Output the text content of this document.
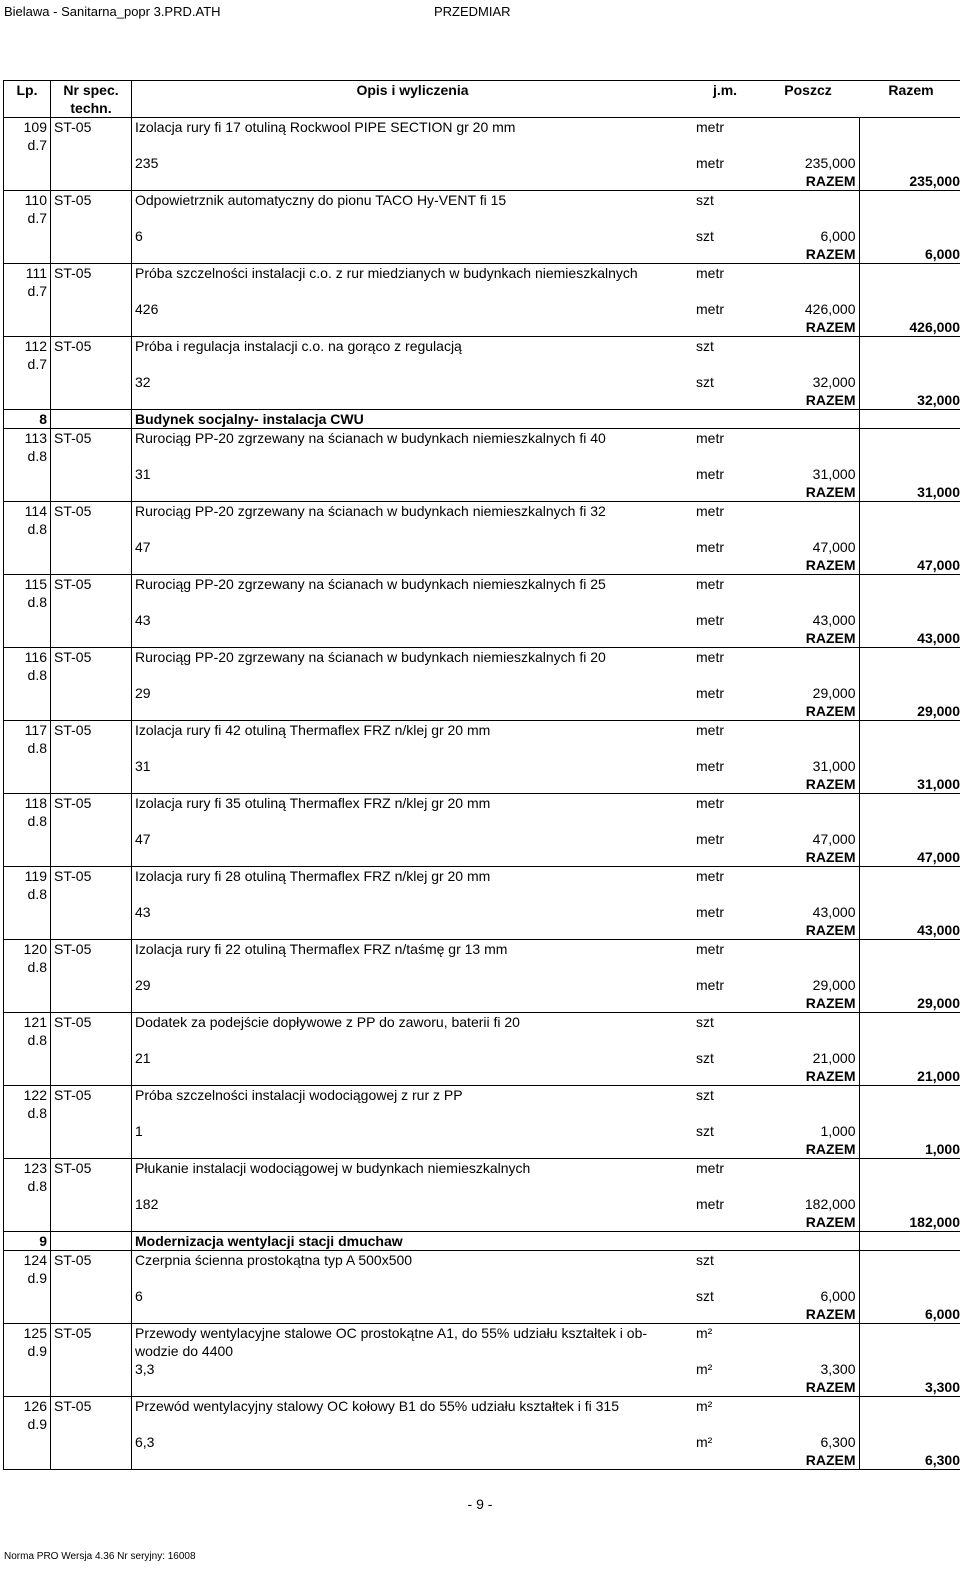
Bielawa - Sanitarna_popr 3.PRD.ATH	PRZEDMIAR
Lp.	Nr spec. techn.	Opis i wyliczenia	j.m.	Poszcz	Razem
109	ST-05	Izolacja rury fi 17 otuliną Rockwool PIPE SECTION gr 20 mm	metr		
d.7					
		235	metr	235,000	
				RAZEM	235,000
110	ST-05	Odpowietrznik automatyczny do pionu TACO Hy-VENT fi 15	szt		
d.7					
		6	szt	6,000	
				RAZEM	6,000
111	ST-05	Próba szczelności instalacji c.o. z rur miedzianych w budynkach niemieszkalnych	metr		
d.7					
		426	metr	426,000	
				RAZEM	426,000
112	ST-05	Próba i regulacja instalacji c.o. na gorąco z regulacją	szt		
d.7					
		32	szt	32,000	
				RAZEM	32,000
8		Budynek socjalny- instalacja CWU			
113	ST-05	Rurociąg PP-20 zgrzewany na ścianach w budynkach niemieszkalnych fi 40	metr		
d.8					
		31	metr	31,000	
				RAZEM	31,000
114	ST-05	Rurociąg PP-20 zgrzewany na ścianach w budynkach niemieszkalnych fi 32	metr		
d.8					
		47	metr	47,000	
				RAZEM	47,000
115	ST-05	Rurociąg PP-20 zgrzewany na ścianach w budynkach niemieszkalnych fi 25	metr		
d.8					
		43	metr	43,000	
				RAZEM	43,000
116	ST-05	Rurociąg PP-20 zgrzewany na ścianach w budynkach niemieszkalnych fi 20	metr		
d.8					
		29	metr	29,000	
				RAZEM	29,000
117	ST-05	Izolacja rury fi 42 otuliną Thermaflex FRZ n/klej gr 20 mm	metr		
d.8					
		31	metr	31,000	
				RAZEM	31,000
118	ST-05	Izolacja rury fi 35 otuliną Thermaflex FRZ n/klej gr 20 mm	metr		
d.8					
		47	metr	47,000	
				RAZEM	47,000
119	ST-05	Izolacja rury fi 28 otuliną Thermaflex FRZ n/klej gr 20 mm	metr		
d.8					
		43	metr	43,000	
				RAZEM	43,000
120	ST-05	Izolacja rury fi 22 otuliną Thermaflex FRZ n/taśmę gr 13 mm	metr		
d.8					
		29	metr	29,000	
				RAZEM	29,000
121	ST-05	Dodatek za podejście dopływowe z PP do zaworu, baterii fi 20	szt		
d.8					
		21	szt	21,000	
				RAZEM	21,000
122	ST-05	Próba szczelności instalacji wodociągowej z rur z PP	szt		
d.8					
		1	szt	1,000	
				RAZEM	1,000
123	ST-05	Płukanie instalacji wodociągowej w budynkach niemieszkalnych	metr		
d.8					
		182	metr	182,000	
				RAZEM	182,000
9		Modernizacja wentylacji stacji dmuchaw			
124	ST-05	Czerpnia ścienna prostokątna typ A 500x500	szt		
d.9					
		6	szt	6,000	
				RAZEM	6,000
125	ST-05	Przewody wentylacyjne stalowe OC prostokątne A1, do 55% udziału kształtek i ob-	m²		
d.9		wodzie do 4400			
		3,3	m²	3,300	
				RAZEM	3,300
126	ST-05	Przewód wentylacyjny stalowy OC kołowy B1 do 55% udziału kształtek i fi 315	m²		
d.9					
		6,3	m²	6,300	
				RAZEM	6,300
- 9 -
Norma PRO Wersja 4.36 Nr seryjny: 16008
